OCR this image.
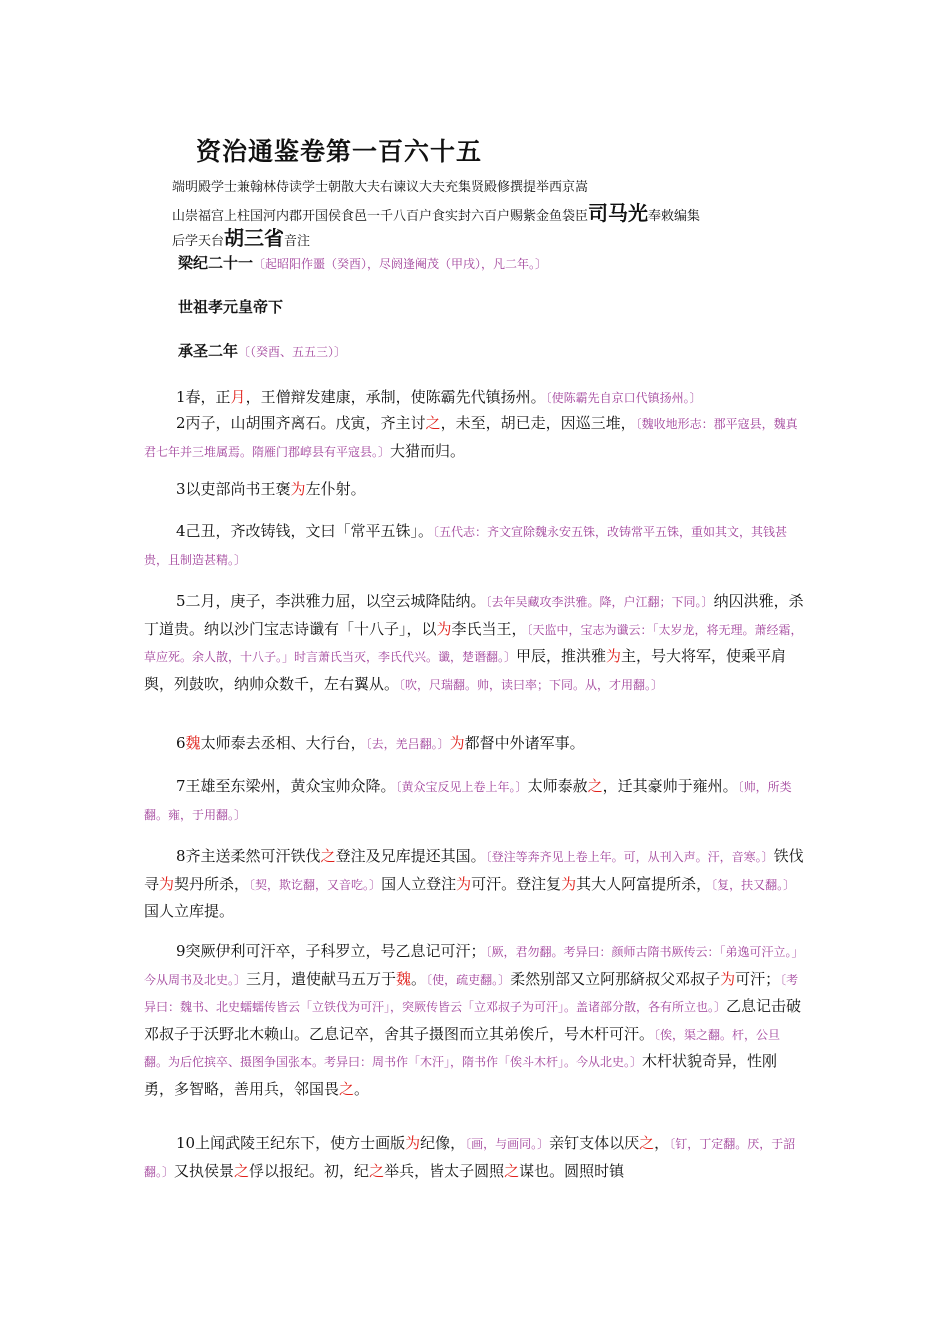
资治通鉴卷第一百六十五
端明殿学士兼翰林侍读学士朝散大夫右谏议大夫充集贤殿修撰提举西京嵩
山崇福宫上柱国河内郡开国侯食邑一千八百户食实封六百户赐紫金鱼袋臣司马光奉敕编集
后学天台胡三省音注
梁纪二十一〔起昭阳作噩（癸酉），尽阏逢阉茂（甲戌），凡二年。〕
世祖孝元皇帝下
承圣二年〔（癸酉、五五三）〕
1春，正月，王僧辩发建康，承制，使陈霸先代镇扬州。〔使陈霸先自京口代镇扬州。〕
2丙子，山胡围齐离石。戊寅，齐主讨之，未至，胡已走，因巡三堆，〔魏收地形志：郡平寇县，魏真君七年并三堆属焉。隋雁门郡崞县有平寇县。〕大猎而归。
3以吏部尚书王褒为左仆射。
4己丑，齐改铸钱，文曰「常平五铢」。〔五代志：齐文宣除魏永安五铢，改铸常平五铢，重如其文，其钱甚贵，且制造甚精。〕
5二月，庚子，李洪雅力屈，以空云城降陆纳。〔去年吴藏攻李洪雅。降，户江翻；下同。〕纳囚洪雅，杀丁道贵。纳以沙门宝志诗谶有「十八子」，以为李氏当王，〔天监中，宝志为谶云：「太岁龙，将无理。萧经霜，草应死。余人散，十八子。」时言萧氏当灭，李氏代兴。谶，楚谮翻。〕甲辰，推洪雅为主，号大将军，使乘平肩舆，列鼓吹，纳帅众数千，左右翼从。〔吹，尺瑞翻。帅，读曰率；下同。从，才用翻。〕
6魏太师泰去丞相、大行台，〔去，羌吕翻。〕为都督中外诸军事。
7王雄至东梁州，黄众宝帅众降。〔黄众宝反见上卷上年。〕太师泰赦之，迁其豪帅于雍州。〔帅，所类翻。雍，于用翻。〕
8齐主送柔然可汗铁伐之登注及兄库提还其国。〔登注等奔齐见上卷上年。可，从刊入声。汗，音寒。〕铁伐寻为契丹所杀，〔契，欺讫翻，又音吃。〕国人立登注为可汗。登注复为其大人阿富提所杀，〔复，扶又翻。〕国人立库提。
9突厥伊利可汗卒，子科罗立，号乙息记可汗；〔厥，君勿翻。考异曰：颜师古隋书厥传云：「弟逸可汗立。」今从周书及北史。〕三月，遣使献马五万于魏。〔使，疏吏翻。〕柔然别部又立阿那緕叔父邓叔子为可汗；〔考异曰：魏书、北史蠕蠕传皆云「立铁伐为可汗」，突厥传皆云「立邓叔子为可汗」。盖诸部分散，各有所立也。〕乙息记击破邓叔子于沃野北木赖山。乙息记卒，舍其子摄图而立其弟俟斤，号木杆可汗。〔俟，渠之翻。杆，公旦翻。为后佗摈卒、摄图争国张本。考异曰：周书作「木汗」，隋书作「俟斗木杆」。今从北史。〕木杆状貌奇异，性刚勇，多智略，善用兵，邻国畏之。
10上闻武陵王纪东下，使方士画版为纪像，〔画，与画同。〕亲钉支体以厌之，〔钉，丁定翻。厌，于詔翻。〕又执侯景之俘以报纪。初，纪之举兵，皆太子圆照之谋也。圆照时镇
